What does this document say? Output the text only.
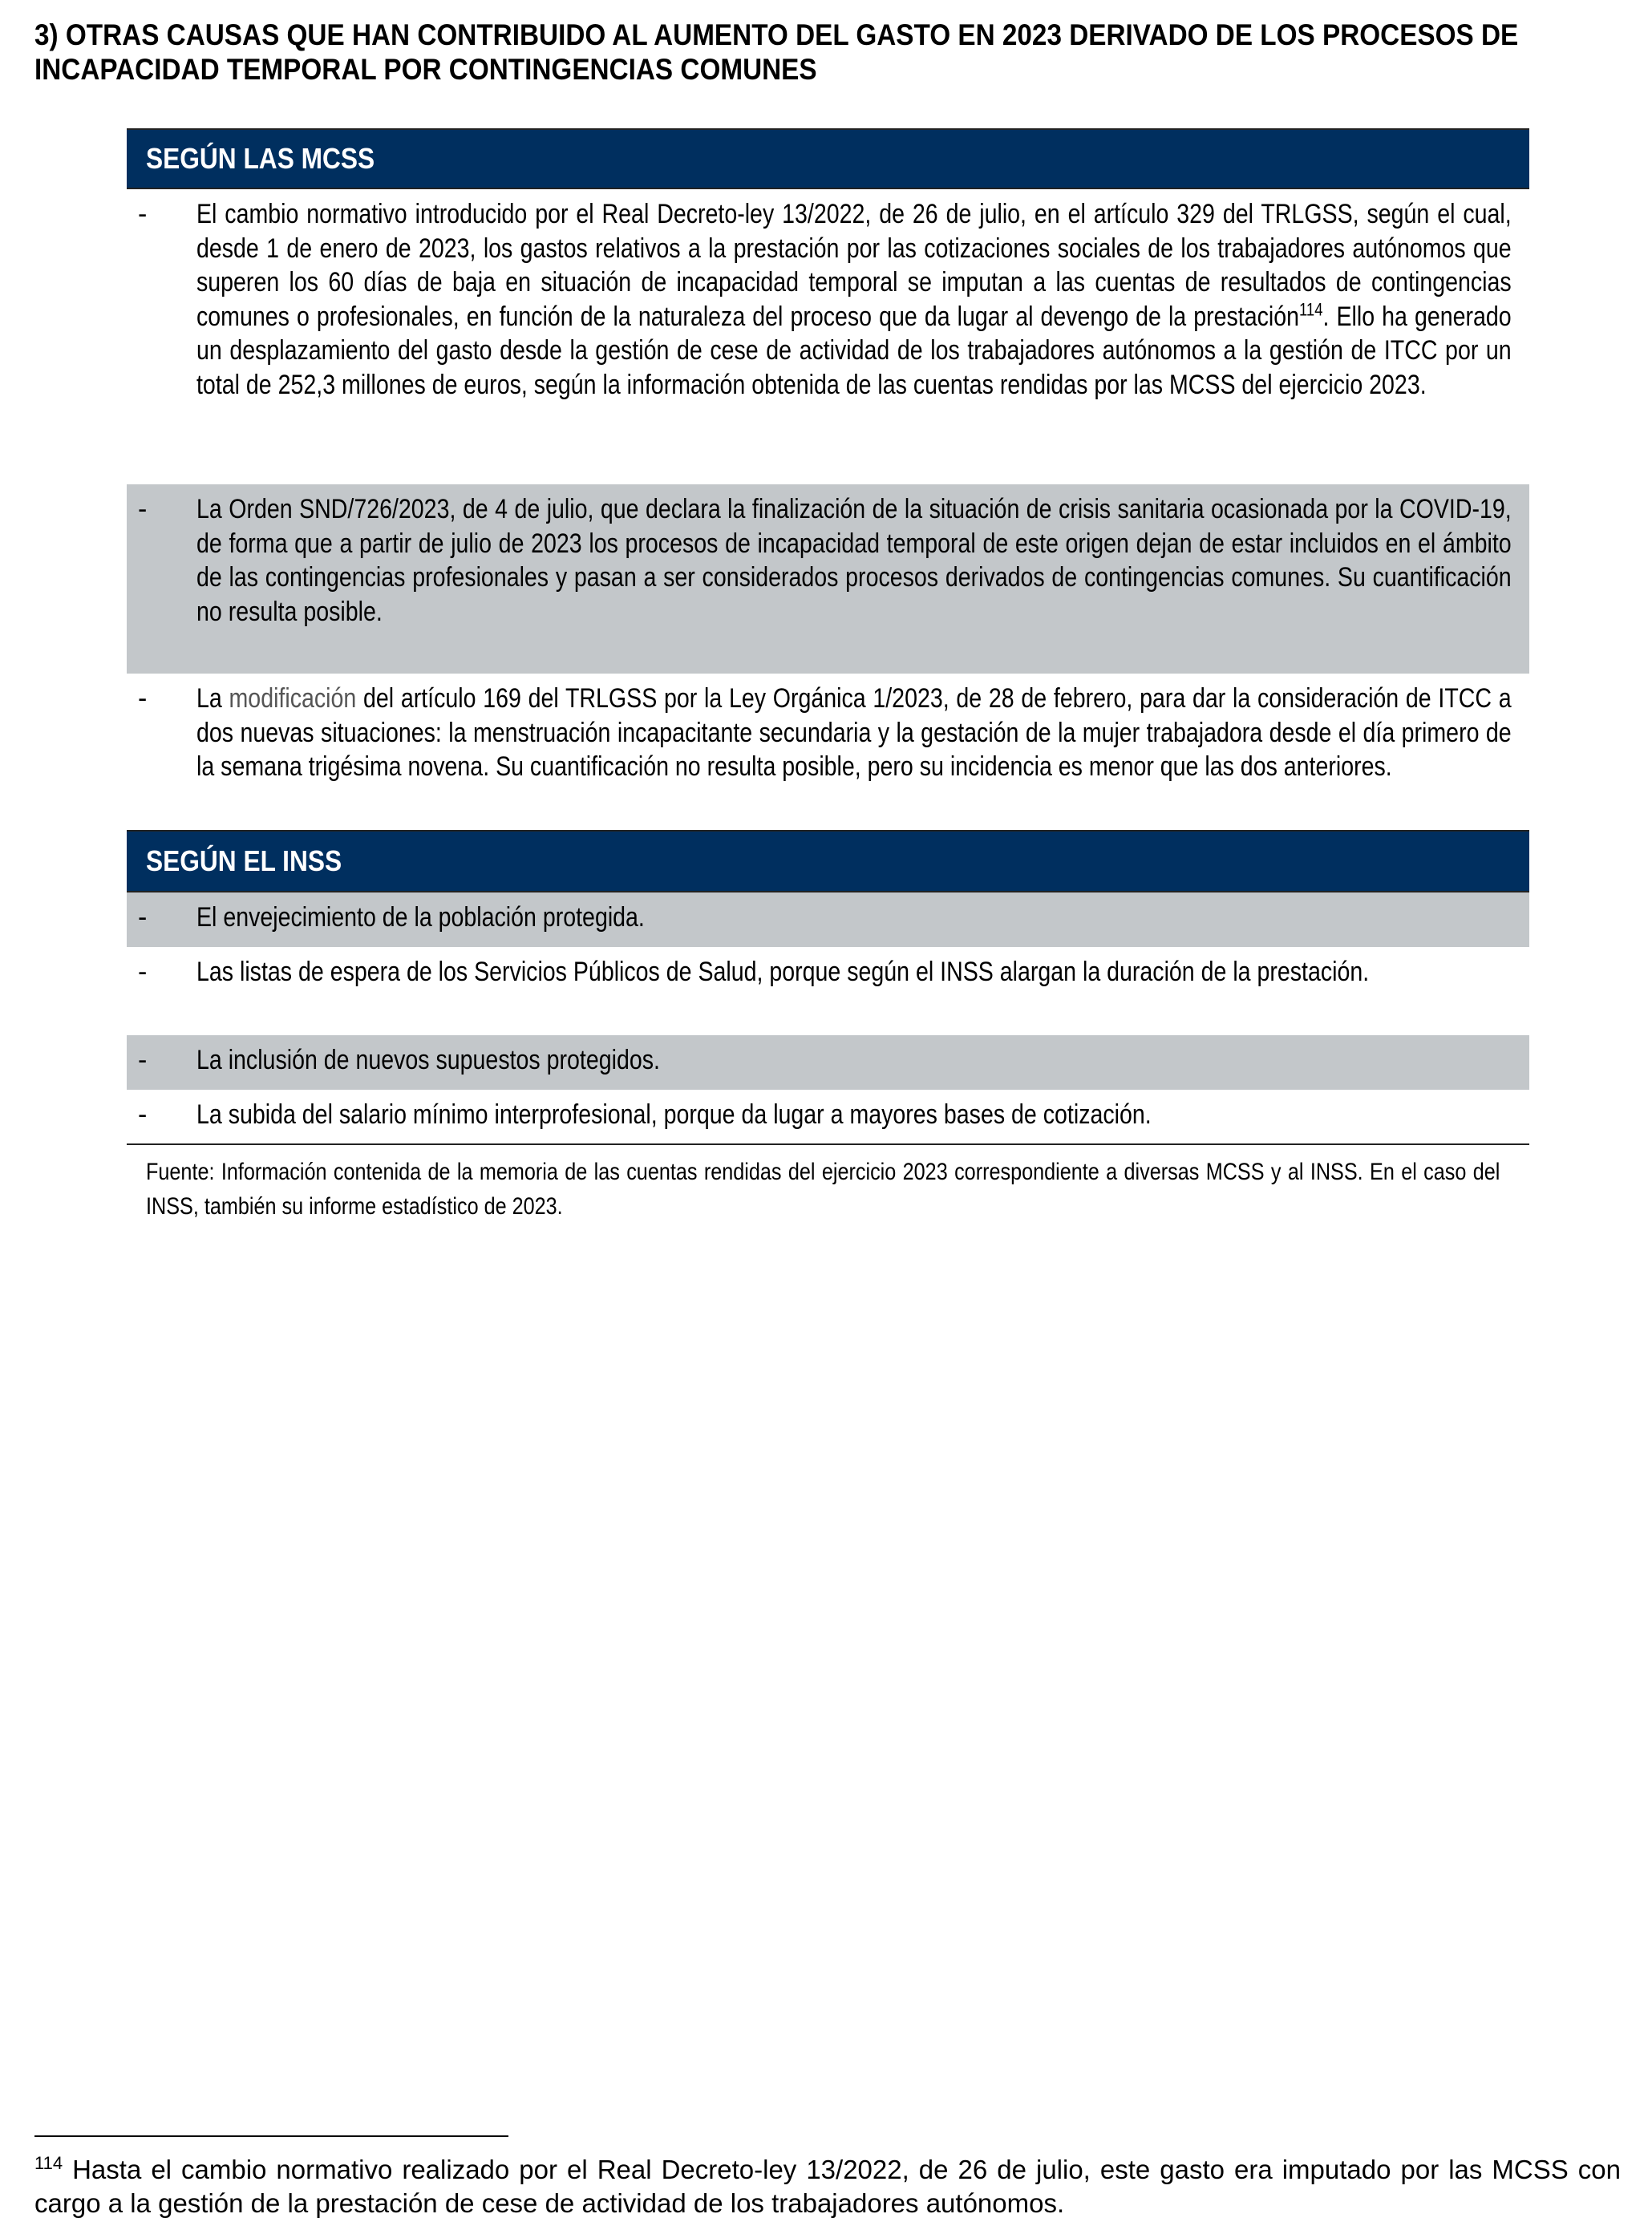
3) OTRAS CAUSAS QUE HAN CONTRIBUIDO AL AUMENTO DEL GASTO EN 2023 DERIVADO DE LOS PROCESOS DE INCAPACIDAD TEMPORAL POR CONTINGENCIAS COMUNES
SEGÚN LAS MCSS
- El cambio normativo introducido por el Real Decreto-ley 13/2022, de 26 de julio, en el artículo 329 del TRLGSS, según el cual, desde 1 de enero de 2023, los gastos relativos a la prestación por las cotizaciones sociales de los trabajadores autónomos que superen los 60 días de baja en situación de incapacidad temporal se imputan a las cuentas de resultados de contingencias comunes o profesionales, en función de la naturaleza del proceso que da lugar al devengo de la prestación$^{114}$. Ello ha generado un desplazamiento del gasto desde la gestión de cese de actividad de los trabajadores autónomos a la gestión de ITCC por un total de 252,3 millones de euros, según la información obtenida de las cuentas rendidas por las MCSS del ejercicio 2023.
- La Orden SND/726/2023, de 4 de julio, que declara la finalización de la situación de crisis sanitaria ocasionada por la COVID-19, de forma que a partir de julio de 2023 los procesos de incapacidad temporal de este origen dejan de estar incluidos en el ámbito de las contingencias profesionales y pasan a ser considerados procesos derivados de contingencias comunes. Su cuantificación no resulta posible.
- La modificación del artículo 169 del TRLGSS por la Ley Orgánica 1/2023, de 28 de febrero, para dar la consideración de ITCC a dos nuevas situaciones: la menstruación incapacitante secundaria y la gestación de la mujer trabajadora desde el día primero de la semana trigésima novena. Su cuantificación no resulta posible, pero su incidencia es menor que las dos anteriores.
SEGÚN EL INSS
- El envejecimiento de la población protegida.
- Las listas de espera de los Servicios Públicos de Salud, porque según el INSS alargan la duración de la prestación.
- La inclusión de nuevos supuestos protegidos.
- La subida del salario mínimo interprofesional, porque da lugar a mayores bases de cotización.
Fuente: Información contenida de la memoria de las cuentas rendidas del ejercicio 2023 correspondiente a diversas MCSS y al INSS. En el caso del INSS, también su informe estadístico de 2023.
$^{114}$ Hasta el cambio normativo realizado por el Real Decreto-ley 13/2022, de 26 de julio, este gasto era imputado por las MCSS con cargo a la gestión de la prestación de cese de actividad de los trabajadores autónomos.
